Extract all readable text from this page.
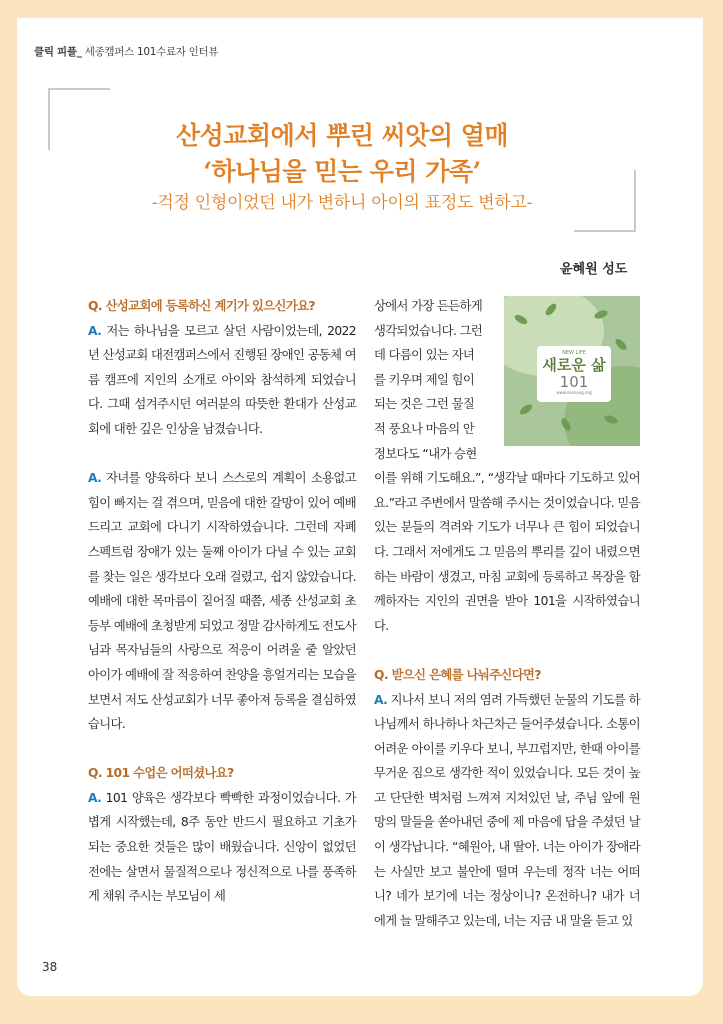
클릭 피플_ 세종캠퍼스 101수료자 인터뷰
산성교회에서 뿌린 씨앗의 열매
‘하나님을 믿는 우리 가족’
-걱정 인형이었던 내가 변하니 아이의 표정도 변하고-
윤혜원 성도

Q. 산성교회에 등록하신 계기가 있으신가요?

A. 저는 하나님을 모르고 살던 사람이었는데, 2022년 산성교회 대전캠퍼스에서 진행된 장애인 공동체 여름 캠프에 지인의 소개로 아이와 참석하게 되었습니다. 그때 섬겨주시던 여러분의 따뜻한 환대가 산성교회에 대한 깊은 인상을 남겼습니다.

A. 자녀를 양육하다 보니 스스로의 계획이 소용없고 힘이 빠지는 걸 겪으며, 믿음에 대한 갈망이 있어 예배드리고 교회에 다니기 시작하였습니다. 그런데 자폐 스펙트럼 장애가 있는 둘째 아이가 다닐 수 있는 교회를 찾는 일은 생각보다 오래 걸렸고, 쉽지 않았습니다. 예배에 대한 목마름이 짙어질 때쯤, 세종 산성교회 초등부 예배에 초청받게 되었고 정말 감사하게도 전도사님과 목자님들의 사랑으로 적응이 어려울 줄 알았던 아이가 예배에 잘 적응하여 찬양을 흥얼거리는 모습을 보면서 저도 산성교회가 너무 좋아져 등록을 결심하였습니다.

Q. 101 수업은 어떠셨나요?

A. 101 양육은 생각보다 빡빡한 과정이었습니다. 가볍게 시작했는데, 8주 동안 반드시 필요하고 기초가 되는 중요한 것들은 많이 배웠습니다. 신앙이 없었던 전에는 살면서 물질적으로나 정신적으로 나를 풍족하게 채워 주시는 부모님이 세

상에서 가장 든든하게

생각되었습니다. 그런

데 다름이 있는 자녀

를 키우며 제일 힘이

되는 것은 그런 물질

적 풍요나 마음의 안

정보다도 “내가 승현

이를 위해 기도해요.”, “생각날 때마다 기도하고 있어요.”라고 주변에서 말씀해 주시는 것이었습니다. 믿음 있는 분들의 격려와 기도가 너무나 큰 힘이 되었습니다. 그래서 저에게도 그 믿음의 뿌리를 깊이 내렸으면 하는 바람이 생겼고, 마침 교회에 등록하고 목장을 함께하자는 지인의 권면을 받아 101을 시작하였습니다.

Q. 받으신 은혜를 나눠주신다면?

A. 지나서 보니 저의 염려 가득했던 눈물의 기도를 하나님께서 하나하나 차근차근 들어주셨습니다. 소통이 어려운 아이를 키우다 보니, 부끄럽지만, 한때 아이를 무거운 짐으로 생각한 적이 있었습니다. 모든 것이 높고 단단한 벽처럼 느껴져 지쳐있던 날, 주님 앞에 원망의 말들을 쏟아내던 중에 제 마음에 답을 주셨던 날이 생각납니다. “혜원아, 내 딸아. 너는 아이가 장애라는 사실만 보고 불안에 떨며 우는데 정작 너는 어떠니? 네가 보기에 너는 정상이니? 온전하니? 내가 너에게 늘 말해주고 있는데, 너는 지금 내 말을 듣고 있

NEW LIFE
새로운 삶
101
www.sansung.org
38
